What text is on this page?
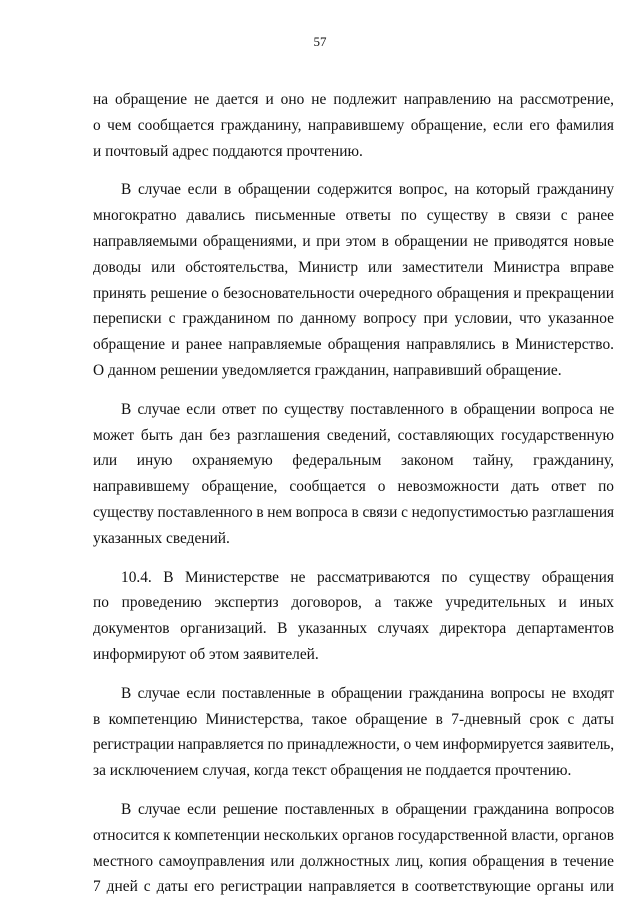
57

на обращение не дается и оно не подлежит направлению на рассмотрение,
о чем сообщается гражданину, направившему обращение, если его фамилия
и почтовый адрес поддаются прочтению.

В случае если в обращении содержится вопрос, на который гражданину
многократно давались письменные ответы по существу в связи с ранее
направляемыми обращениями, и при этом в обращении не приводятся новые
доводы или обстоятельства, Министр или заместители Министра вправе
принять решение о безосновательности очередного обращения и прекращении
переписки с гражданином по данному вопросу при условии, что указанное
обращение и ранее направляемые обращения направлялись в Министерство.
О данном решении уведомляется гражданин, направивший обращение.

В случае если ответ по существу поставленного в обращении вопроса не
может быть дан без разглашения сведений, составляющих государственную
или иную охраняемую федеральным законом тайну, гражданину,
направившему обращение, сообщается о невозможности дать ответ по
существу поставленного в нем вопроса в связи с недопустимостью разглашения
указанных сведений.

10.4. В Министерстве не рассматриваются по существу обращения
по проведению экспертиз договоров, а также учредительных и иных
документов организаций. В указанных случаях директора департаментов
информируют об этом заявителей.

В случае если поставленные в обращении гражданина вопросы не входят
в компетенцию Министерства, такое обращение в 7-дневный срок с даты
регистрации направляется по принадлежности, о чем информируется заявитель,
за исключением случая, когда текст обращения не поддается прочтению.

В случае если решение поставленных в обращении гражданина вопросов
относится к компетенции нескольких органов государственной власти, органов
местного самоуправления или должностных лиц, копия обращения в течение
7 дней с даты его регистрации направляется в соответствующие органы или
